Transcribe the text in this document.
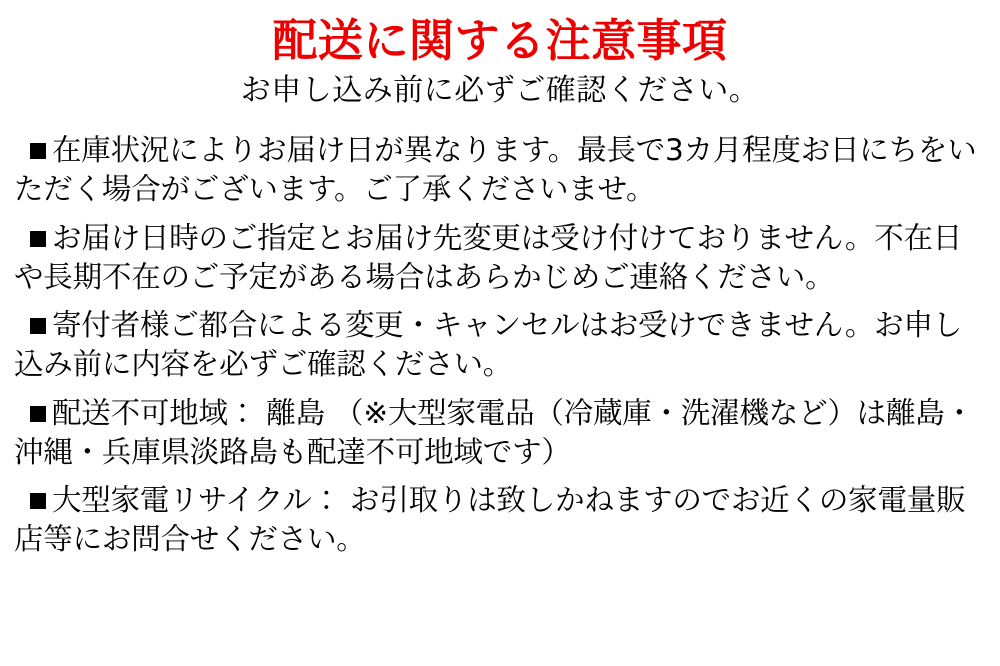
配送に関する注意事項

お申し込み前に必ずご確認ください。

在庫状況によりお届け日が異なります。最長で3カ月程度お日にちをいただく場合がございます。ご了承くださいませ。

お届け日時のご指定とお届け先変更は受け付けておりません。不在日や長期不在のご予定がある場合はあらかじめご連絡ください。

寄付者様ご都合による変更・キャンセルはお受けできません。お申し込み前に内容を必ずご確認ください。

配送不可地域： 離島 （※大型家電品（冷蔵庫・洗濯機など）は離島・沖縄・兵庫県淡路島も配達不可地域です）

大型家電リサイクル： お引取りは致しかねますのでお近くの家電量販店等にお問合せください。
